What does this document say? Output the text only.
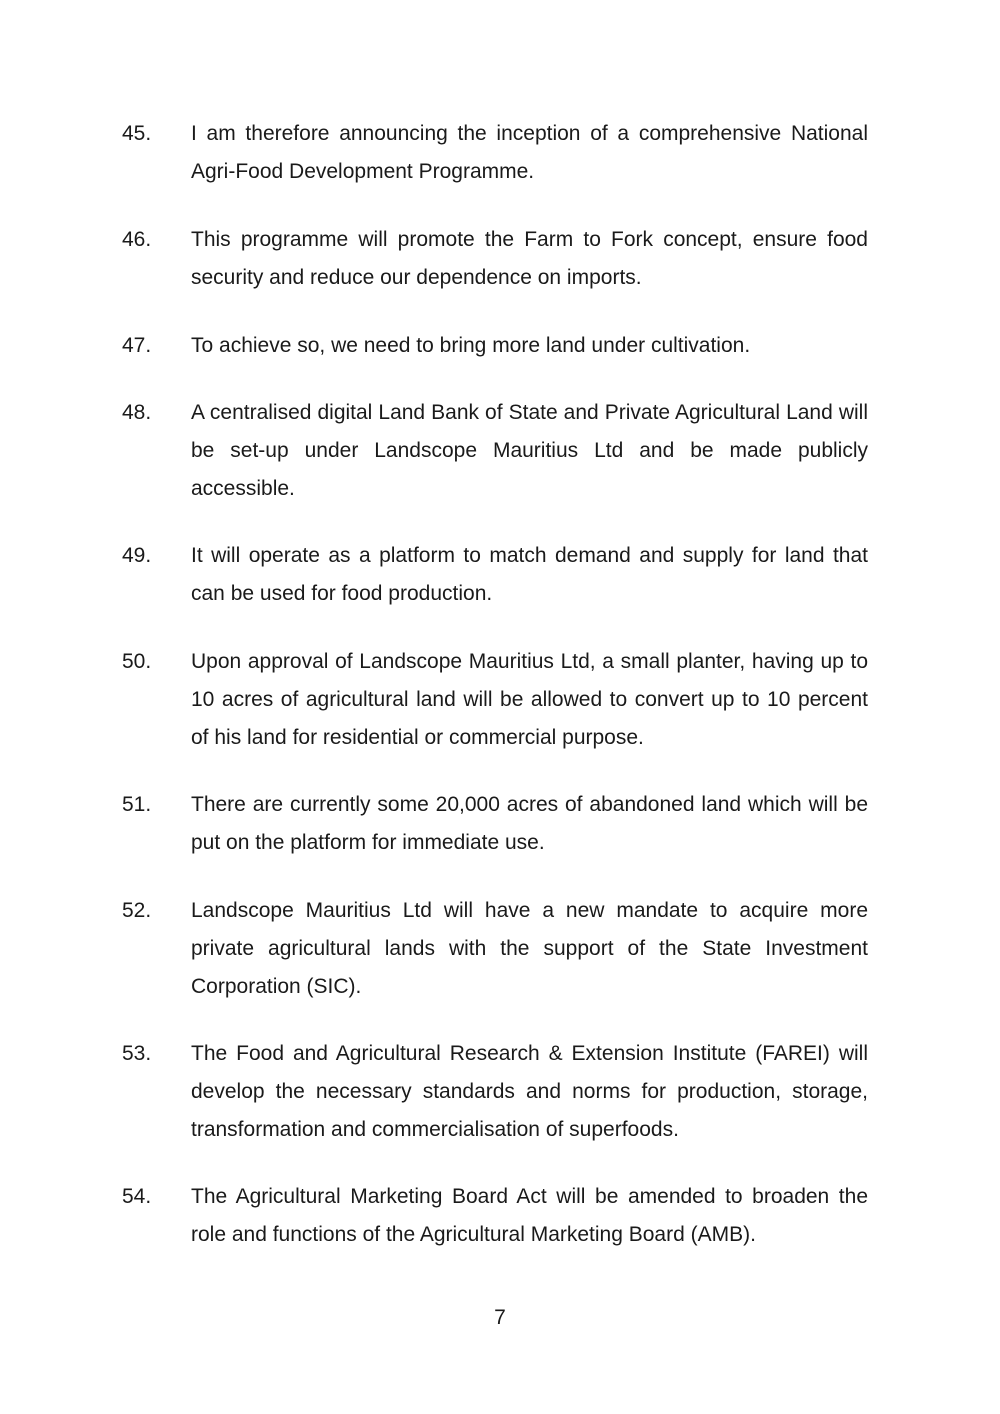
45.	I am therefore announcing the inception of a comprehensive National Agri-Food Development Programme.
46.	This programme will promote the Farm to Fork concept, ensure food security and reduce our dependence on imports.
47.	To achieve so, we need to bring more land under cultivation.
48.	A centralised digital Land Bank of State and Private Agricultural Land will be set-up under Landscope Mauritius Ltd and be made publicly accessible.
49.	It will operate as a platform to match demand and supply for land that can be used for food production.
50.	Upon approval of Landscope Mauritius Ltd, a small planter, having up to 10 acres of agricultural land will be allowed to convert up to 10 percent of his land for residential or commercial purpose.
51.	There are currently some 20,000 acres of abandoned land which will be put on the platform for immediate use.
52.	Landscope Mauritius Ltd will have a new mandate to acquire more private agricultural lands with the support of the State Investment Corporation (SIC).
53.	The Food and Agricultural Research & Extension Institute (FAREI) will develop the necessary standards and norms for production, storage, transformation and commercialisation of superfoods.
54.	The Agricultural Marketing Board Act will be amended to broaden the role and functions of the Agricultural Marketing Board (AMB).
7
